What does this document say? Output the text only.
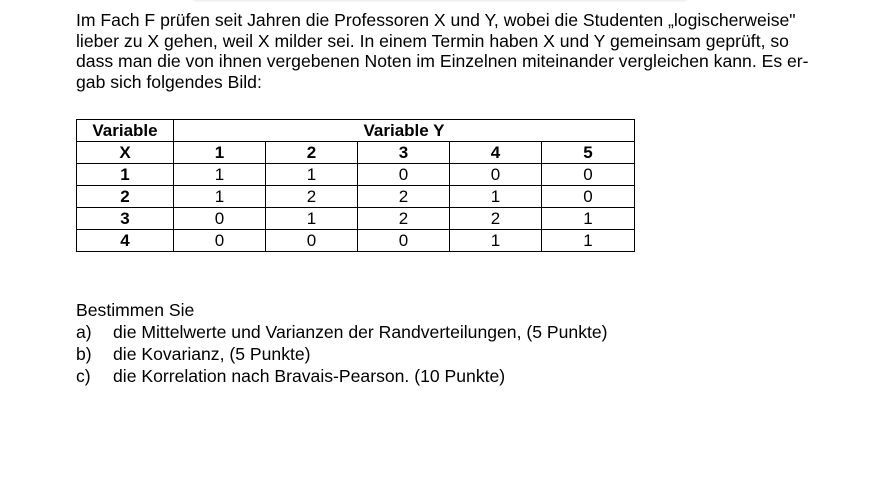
Im Fach F prüfen seit Jahren die Professoren X und Y, wobei die Studenten „logischerweise"
lieber zu X gehen, weil X milder sei. In einem Termin haben X und Y gemeinsam geprüft, so
dass man die von ihnen vergebenen Noten im Einzelnen miteinander vergleichen kann. Es er-
gab sich folgendes Bild:

Variable	Variable Y				
X	1	2	3	4	5
1	1	1	0	0	0
2	1	2	2	1	0
3	0	1	2	2	1
4	0	0	0	1	1
Bestimmen Sie
a)	die Mittelwerte und Varianzen der Randverteilungen, (5 Punkte)
b)	die Kovarianz, (5 Punkte)
c)	die Korrelation nach Bravais-Pearson. (10 Punkte)
